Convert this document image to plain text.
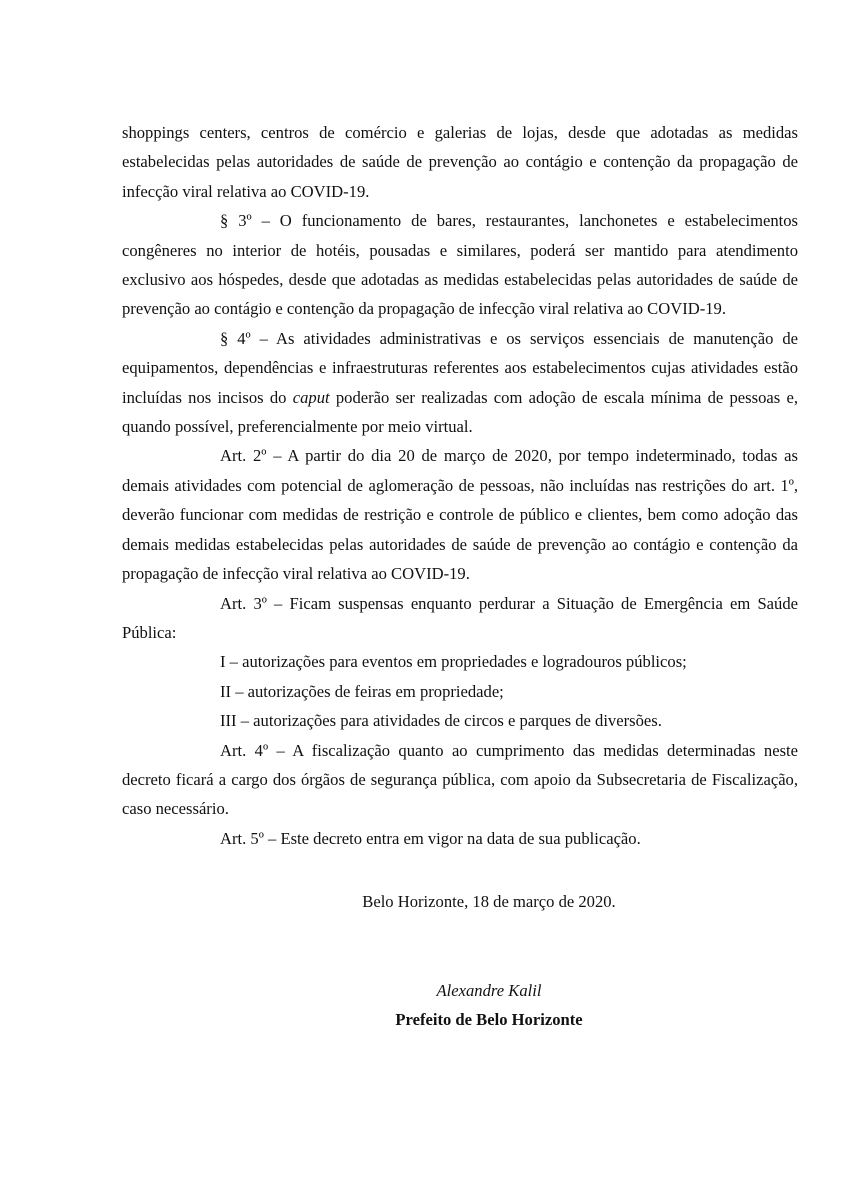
shoppings centers, centros de comércio e galerias de lojas, desde que adotadas as medidas estabelecidas pelas autoridades de saúde de prevenção ao contágio e contenção da propagação de infecção viral relativa ao COVID-19.

§ 3º – O funcionamento de bares, restaurantes, lanchonetes e estabelecimentos congêneres no interior de hotéis, pousadas e similares, poderá ser mantido para atendimento exclusivo aos hóspedes, desde que adotadas as medidas estabelecidas pelas autoridades de saúde de prevenção ao contágio e contenção da propagação de infecção viral relativa ao COVID-19.

§ 4º – As atividades administrativas e os serviços essenciais de manutenção de equipamentos, dependências e infraestruturas referentes aos estabelecimentos cujas atividades estão incluídas nos incisos do caput poderão ser realizadas com adoção de escala mínima de pessoas e, quando possível, preferencialmente por meio virtual.

Art. 2º – A partir do dia 20 de março de 2020, por tempo indeterminado, todas as demais atividades com potencial de aglomeração de pessoas, não incluídas nas restrições do art. 1º, deverão funcionar com medidas de restrição e controle de público e clientes, bem como adoção das demais medidas estabelecidas pelas autoridades de saúde de prevenção ao contágio e contenção da propagação de infecção viral relativa ao COVID-19.

Art. 3º – Ficam suspensas enquanto perdurar a Situação de Emergência em Saúde Pública:

I – autorizações para eventos em propriedades e logradouros públicos;

II – autorizações de feiras em propriedade;

III – autorizações para atividades de circos e parques de diversões.

Art. 4º – A fiscalização quanto ao cumprimento das medidas determinadas neste decreto ficará a cargo dos órgãos de segurança pública, com apoio da Subsecretaria de Fiscalização, caso necessário.

Art. 5º – Este decreto entra em vigor na data de sua publicação.

Belo Horizonte, 18 de março de 2020.

Alexandre Kalil

Prefeito de Belo Horizonte
